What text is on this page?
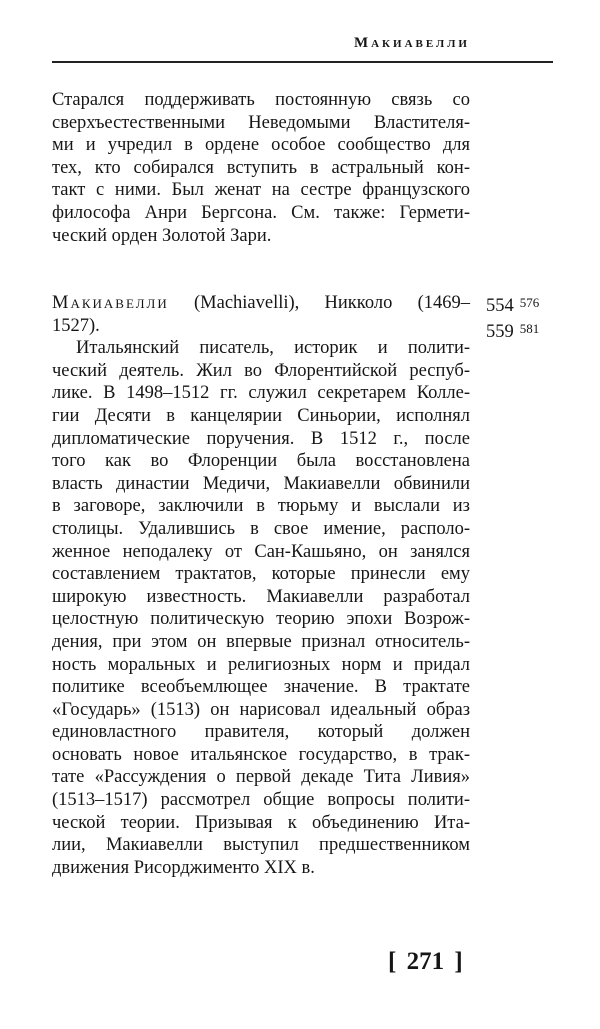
Макиавелли
Старался поддерживать постоянную связь со
сверхъестественными Неведомыми Властителя-
ми и учредил в ордене особое сообщество для
тех, кто собирался вступить в астральный кон-
такт с ними. Был женат на сестре французского
философа Анри Бергсона. См. также: Гермети-
ческий орден Золотой Зари.
Макиавелли (Machiavelli), Никколо (1469–
1527).
Итальянский писатель, историк и полити-
ческий деятель. Жил во Флорентийской респуб-
лике. В 1498–1512 гг. служил секретарем Колле-
гии Десяти в канцелярии Синьории, исполнял
дипломатические поручения. В 1512 г., после
того как во Флоренции была восстановлена
власть династии Медичи, Макиавелли обвинили
в заговоре, заключили в тюрьму и выслали из
столицы. Удалившись в свое имение, располо-
женное неподалеку от Сан-Кашьяно, он занялся
составлением трактатов, которые принесли ему
широкую известность. Макиавелли разработал
целостную политическую теорию эпохи Возрож-
дения, при этом он впервые признал относитель-
ность моральных и религиозных норм и придал
политике всеобъемлющее значение. В трактате
«Государь» (1513) он нарисовал идеальный образ
единовластного правителя, который должен
основать новое итальянское государство, в трак-
тате «Рассуждения о первой декаде Тита Ливия»
(1513–1517) рассмотрел общие вопросы полити-
ческой теории. Призывая к объединению Ита-
лии, Макиавелли выступил предшественником
движения Рисорджименто XIX в.
554 $^{576}$
559 $^{581}$
[ 271 ]
